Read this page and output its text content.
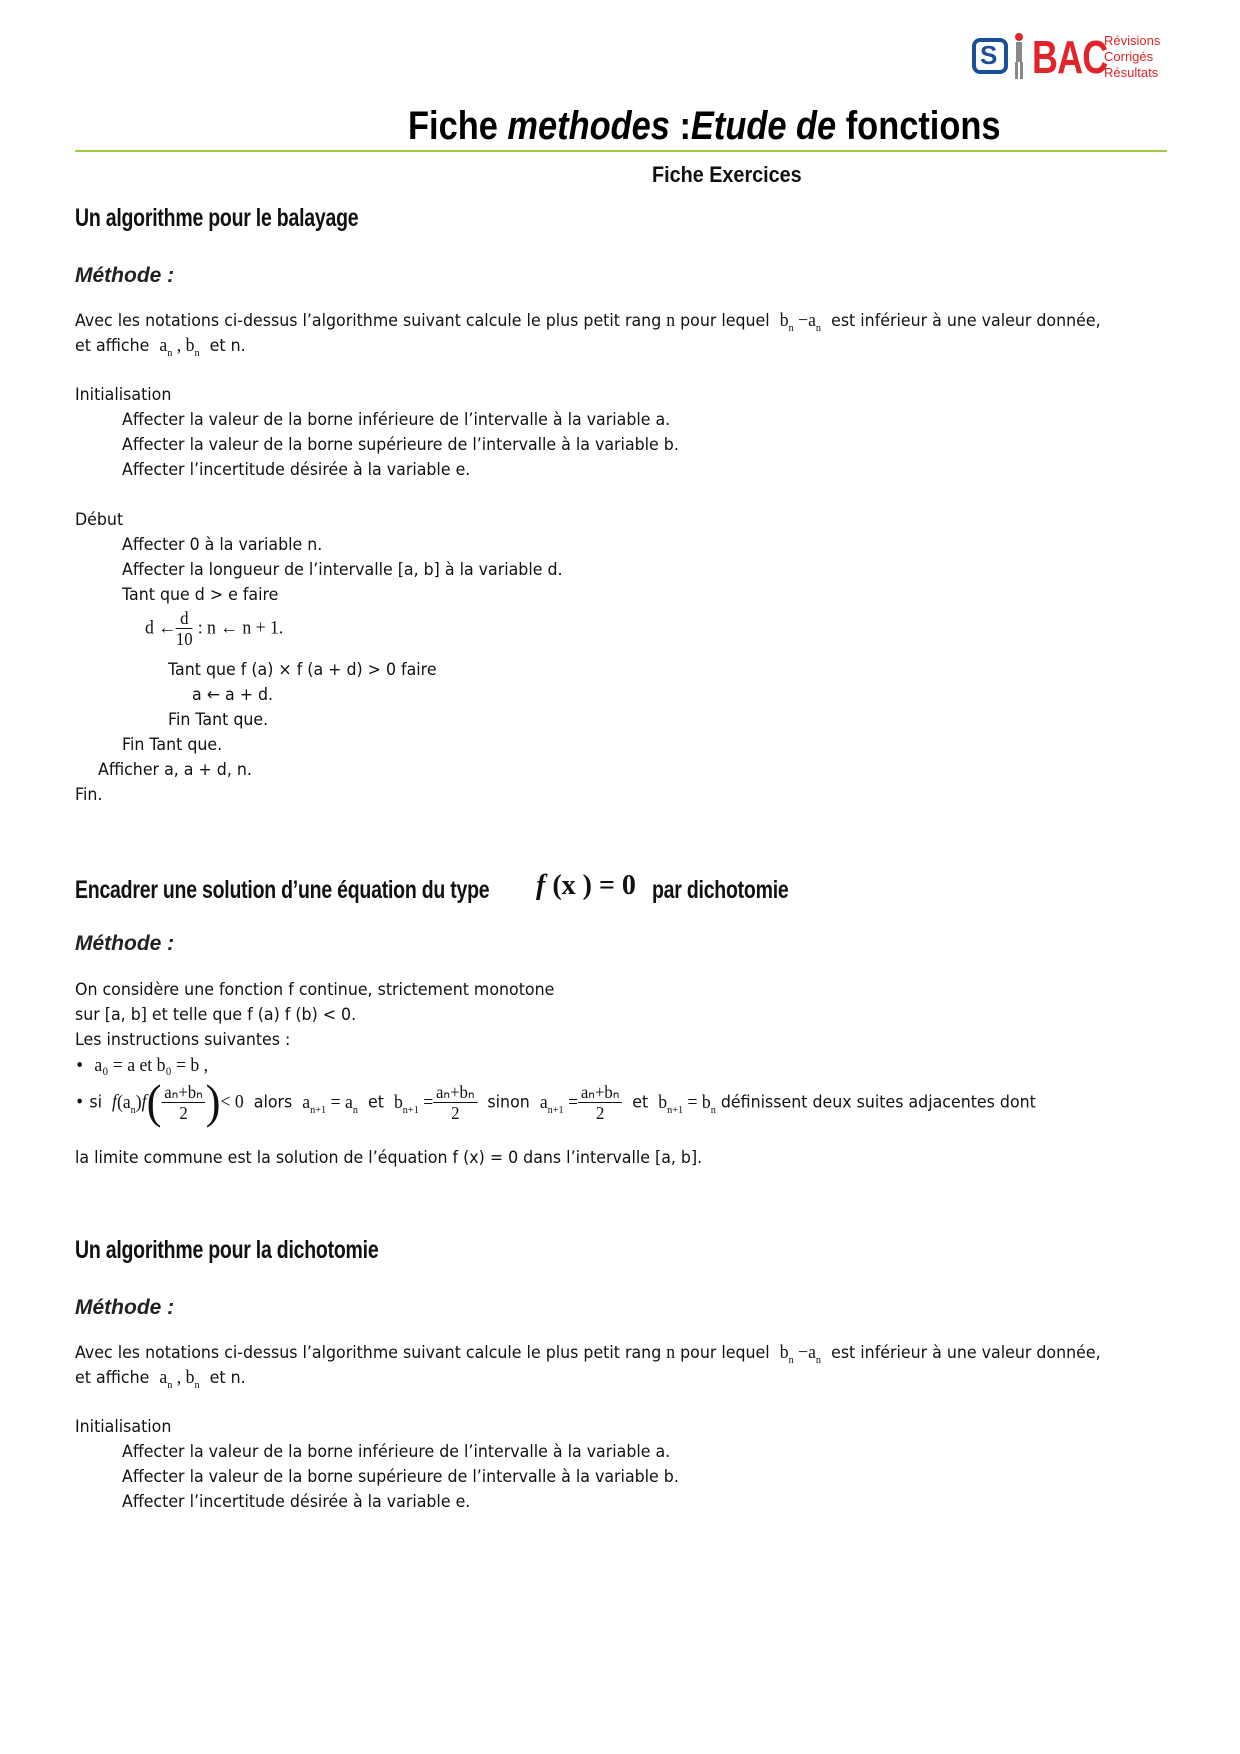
S BAC
Révisions
Corrigés
Résultats
Fiche methodes :Etude de fonctions
Fiche Exercices
Un algorithme pour le balayage
Méthode :
Avec les notations ci-dessus l’algorithme suivant calcule le plus petit rang n pour lequel $b_n -a_n$ est inférieur à une valeur donnée,
et affiche $a_n$ , $b_n$ et n.
Initialisation
Affecter la valeur de la borne inférieure de l’intervalle à la variable a.
Affecter la valeur de la borne supérieure de l’intervalle à la variable b.
Affecter l’incertitude désirée à la variable e.
Début
Affecter 0 à la variable n.
Affecter la longueur de l’intervalle [a, b] à la variable d.
Tant que d > e faire
d ← $\frac{d}{10}$ : n ← n + 1.
Tant que f (a) × f (a + d) > 0 faire
a ← a + d.
Fin Tant que.
Fin Tant que.
Afficher a, a + d, n.
Fin.
Encadrer une solution d’une équation du type	f (x ) = 0 par dichotomie
Méthode :
On considère une fonction f continue, strictement monotone
sur [a, b] et telle que f (a) f (b) < 0.
Les instructions suivantes :
•  a₀ = a et b₀ = b ,
• si $f(a_n)f( \frac{\text{aₙ+bₙ}}{2}$ )< 0 alors $a_{n+1} = a_n$ et $b_{n+1} = \frac{\text{aₙ+bₙ}}{2}$ sinon $a_{n+1} = \frac{\text{aₙ+bₙ}}{2}$ et $b_{n+1} = b_n$ définissent deux suites adjacentes dont
la limite commune est la solution de l’équation f (x) = 0 dans l’intervalle [a, b].
Un algorithme pour la dichotomie
Méthode :
Avec les notations ci-dessus l’algorithme suivant calcule le plus petit rang n pour lequel $b_n -a_n$ est inférieur à une valeur donnée,
et affiche $a_n$ , $b_n$ et n.
Initialisation
Affecter la valeur de la borne inférieure de l’intervalle à la variable a.
Affecter la valeur de la borne supérieure de l’intervalle à la variable b.
Affecter l’incertitude désirée à la variable e.
